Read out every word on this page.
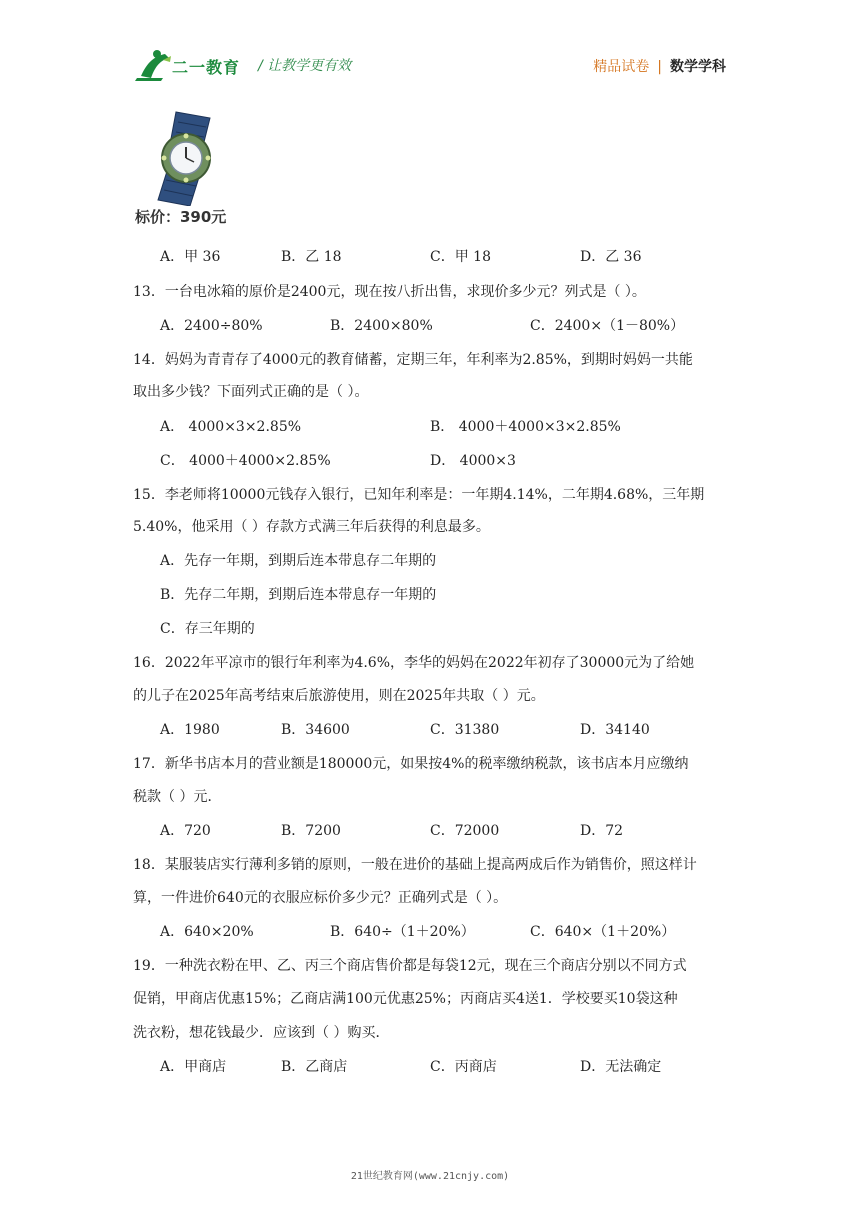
二一教育 / 让教学更有效	精品试卷 | 数学学科
标价：390元
A．甲 36	B．乙 18	C．甲 18	D．乙 36
13．一台电冰箱的原价是2400元，现在按八折出售，求现价多少元？列式是（ ）。
A．2400÷80%	B．2400×80%	C．2400×（1－80%）
14．妈妈为青青存了4000元的教育储蓄，定期三年，年利率为2.85%，到期时妈妈一共能
取出多少钱？下面列式正确的是（ ）。
A． 4000×3×2.85%	B． 4000＋4000×3×2.85%
C． 4000＋4000×2.85%	D． 4000×3
15．李老师将10000元钱存入银行，已知年利率是：一年期4.14%，二年期4.68%，三年期
5.40%，他采用（ ）存款方式满三年后获得的利息最多。
A．先存一年期，到期后连本带息存二年期的
B．先存二年期，到期后连本带息存一年期的
C．存三年期的
16．2022年平凉市的银行年利率为4.6%，李华的妈妈在2022年初存了30000元为了给她
的儿子在2025年高考结束后旅游使用，则在2025年共取（ ）元。
A．1980	B．34600	C．31380	D．34140
17．新华书店本月的营业额是180000元，如果按4%的税率缴纳税款，该书店本月应缴纳
税款（ ）元．
A．720	B．7200	C．72000	D．72
18．某服装店实行薄利多销的原则，一般在进价的基础上提高两成后作为销售价，照这样计
算，一件进价640元的衣服应标价多少元？正确列式是（ ）。
A．640×20%	B．640÷（1＋20%）	C．640×（1＋20%）
19．一种洗衣粉在甲、乙、丙三个商店售价都是每袋12元，现在三个商店分别以不同方式
促销，甲商店优惠15%；乙商店满100元优惠25%；丙商店买4送1．学校要买10袋这种
洗衣粉，想花钱最少．应该到（ ）购买．
A．甲商店	B．乙商店	C．丙商店	D．无法确定
21世纪教育网(www.21cnjy.com)
